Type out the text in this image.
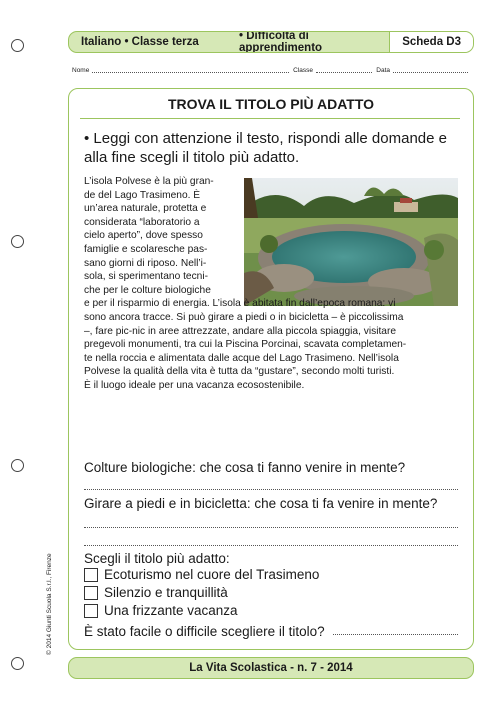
© 2014 Giunti Scuola S.r.l., Firenze
Italiano • Classe terza	• Difficoltà di apprendimento	Scheda D3
Nome	Classe	Data
TROVA IL TITOLO PIÙ ADATTO
• Leggi con attenzione il testo, rispondi alle domande e alla fine scegli il titolo più adatto.
L’isola Polvese è la più gran-
de del Lago Trasimeno. È
un’area naturale, protetta e
considerata “laboratorio a
cielo aperto”, dove spesso
famiglie e scolaresche pas-
sano giorni di riposo. Nell’i-
sola, si sperimentano tecni-
che per le colture biologiche
e per il risparmio di energia. L’isola è abitata fin dall’epoca romana: vi
sono ancora tracce. Si può girare a piedi o in bicicletta – è piccolissima
–, fare pic-nic in aree attrezzate, andare alla piccola spiaggia, visitare
pregevoli monumenti, tra cui la Piscina Porcinai, scavata completamen-
te nella roccia e alimentata dalle acque del Lago Trasimeno. Nell’isola
Polvese la qualità della vita è tutta da “gustare”, secondo molti turisti.
È il luogo ideale per una vacanza ecosostenibile.
Colture biologiche: che cosa ti fanno venire in mente?
Girare a piedi e in bicicletta: che cosa ti fa venire in mente?
Scegli il titolo più adatto:
Ecoturismo nel cuore del Trasimeno
Silenzio e tranquillità
Una frizzante vacanza
È stato facile o difficile scegliere il titolo?
La Vita Scolastica - n. 7 - 2014
